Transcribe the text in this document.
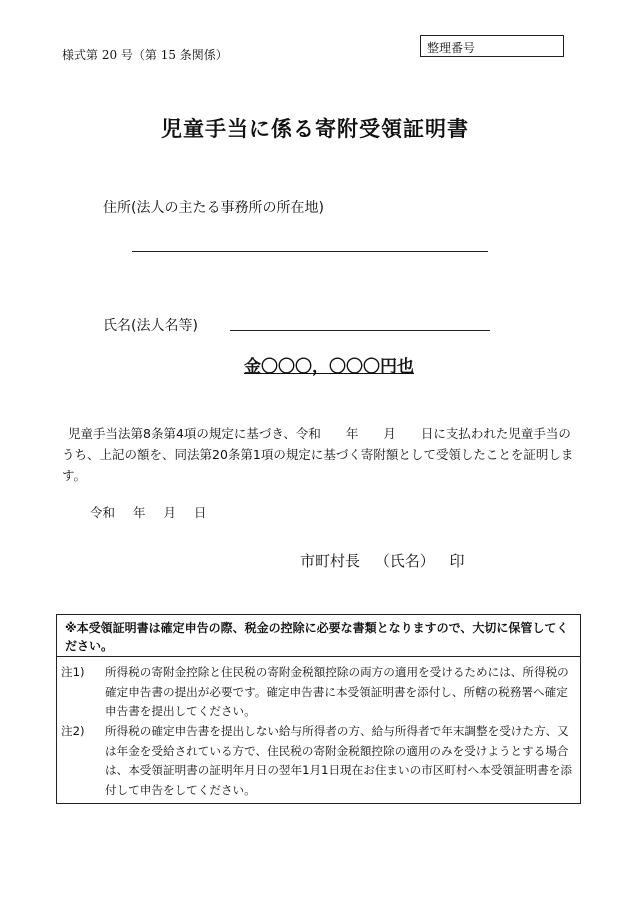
様式第 20 号（第 15 条関係）	整理番号
児童手当に係る寄附受領証明書
住所(法人の主たる事務所の所在地)
氏名(法人名等)
金〇〇〇，〇〇〇円也
児童手当法第8条第4項の規定に基づき、令和　　年　　月　　日に支払われた児童手当のうち、上記の額を、同法第20条第1項の規定に基づく寄附額として受領したことを証明します。
令和 年 月 日
市町村長 （氏名） 印
※本受領証明書は確定申告の際、税金の控除に必要な書類となりますので、大切に保管してください。
注1) 所得税の寄附金控除と住民税の寄附金税額控除の両方の適用を受けるためには、所得税の確定申告書の提出が必要です。確定申告書に本受領証明書を添付し、所轄の税務署へ確定申告書を提出してください。
注2) 所得税の確定申告書を提出しない給与所得者の方、給与所得者で年末調整を受けた方、又は年金を受給されている方で、住民税の寄附金税額控除の適用のみを受けようとする場合は、本受領証明書の証明年月日の翌年1月1日現在お住まいの市区町村へ本受領証明書を添付して申告をしてください。
